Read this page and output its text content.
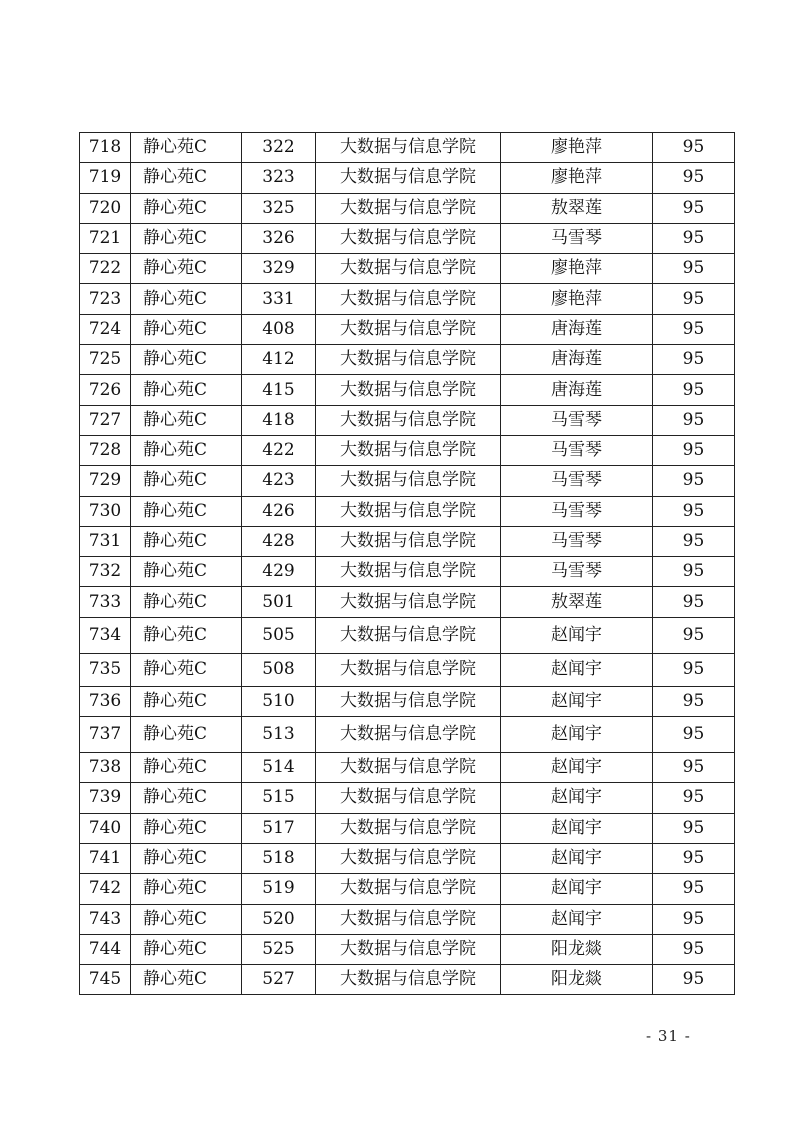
718	静心苑C	322	大数据与信息学院	廖艳萍	95
719	静心苑C	323	大数据与信息学院	廖艳萍	95
720	静心苑C	325	大数据与信息学院	敖翠莲	95
721	静心苑C	326	大数据与信息学院	马雪琴	95
722	静心苑C	329	大数据与信息学院	廖艳萍	95
723	静心苑C	331	大数据与信息学院	廖艳萍	95
724	静心苑C	408	大数据与信息学院	唐海莲	95
725	静心苑C	412	大数据与信息学院	唐海莲	95
726	静心苑C	415	大数据与信息学院	唐海莲	95
727	静心苑C	418	大数据与信息学院	马雪琴	95
728	静心苑C	422	大数据与信息学院	马雪琴	95
729	静心苑C	423	大数据与信息学院	马雪琴	95
730	静心苑C	426	大数据与信息学院	马雪琴	95
731	静心苑C	428	大数据与信息学院	马雪琴	95
732	静心苑C	429	大数据与信息学院	马雪琴	95
733	静心苑C	501	大数据与信息学院	敖翠莲	95
734	静心苑C	505	大数据与信息学院	赵闻宇	95
735	静心苑C	508	大数据与信息学院	赵闻宇	95
736	静心苑C	510	大数据与信息学院	赵闻宇	95
737	静心苑C	513	大数据与信息学院	赵闻宇	95
738	静心苑C	514	大数据与信息学院	赵闻宇	95
739	静心苑C	515	大数据与信息学院	赵闻宇	95
740	静心苑C	517	大数据与信息学院	赵闻宇	95
741	静心苑C	518	大数据与信息学院	赵闻宇	95
742	静心苑C	519	大数据与信息学院	赵闻宇	95
743	静心苑C	520	大数据与信息学院	赵闻宇	95
744	静心苑C	525	大数据与信息学院	阳龙燚	95
745	静心苑C	527	大数据与信息学院	阳龙燚	95
- 31 -
